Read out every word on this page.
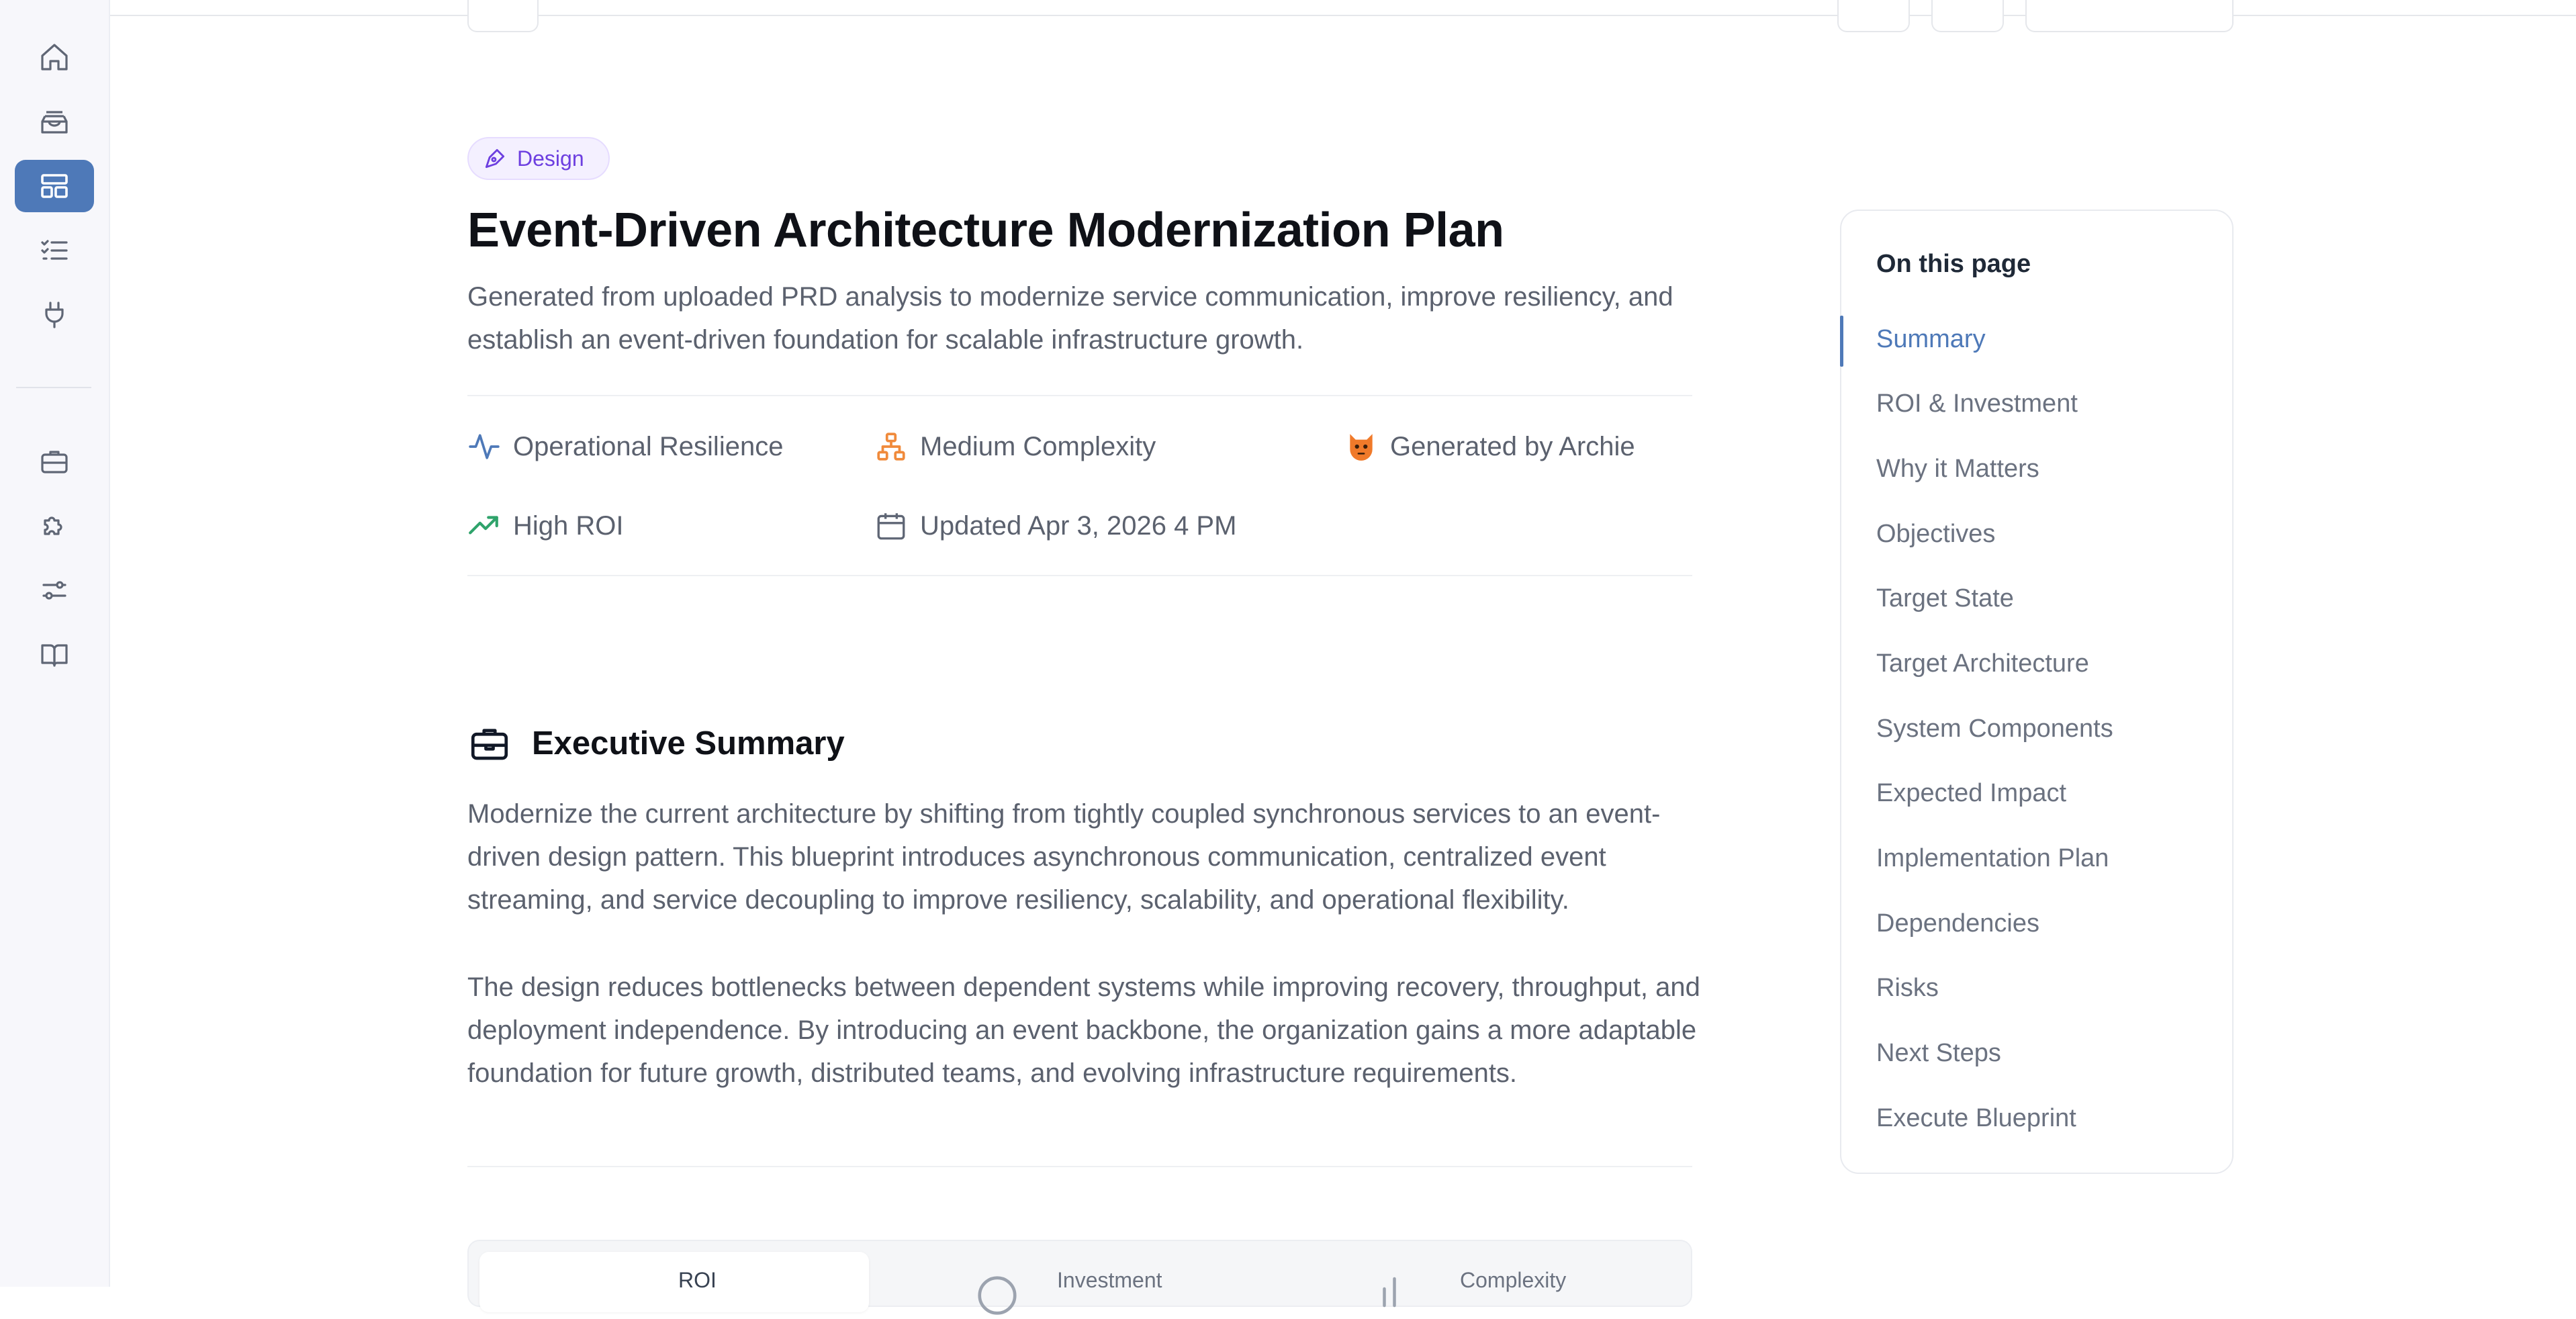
Design
Event-Driven Architecture Modernization Plan
Generated from uploaded PRD analysis to modernize service communication, improve resiliency, and establish an event-driven foundation for scalable infrastructure growth.
Operational Resilience	Medium Complexity	Generated by Archie
High ROI	Updated Apr 3, 2026 4 PM
Executive Summary

Modernize the current architecture by shifting from tightly coupled synchronous services to an event-driven design pattern. This blueprint introduces asynchronous communication, centralized event streaming, and service decoupling to improve resiliency, scalability, and operational flexibility.

The design reduces bottlenecks between dependent systems while improving recovery, throughput, and deployment independence. By introducing an event backbone, the organization gains a more adaptable foundation for future growth, distributed teams, and evolving infrastructure requirements.

ROI	Investment	Complexity
On this page
Summary
ROI & Investment
Why it Matters
Objectives
Target State
Target Architecture
System Components
Expected Impact
Implementation Plan
Dependencies
Risks
Next Steps
Execute Blueprint
